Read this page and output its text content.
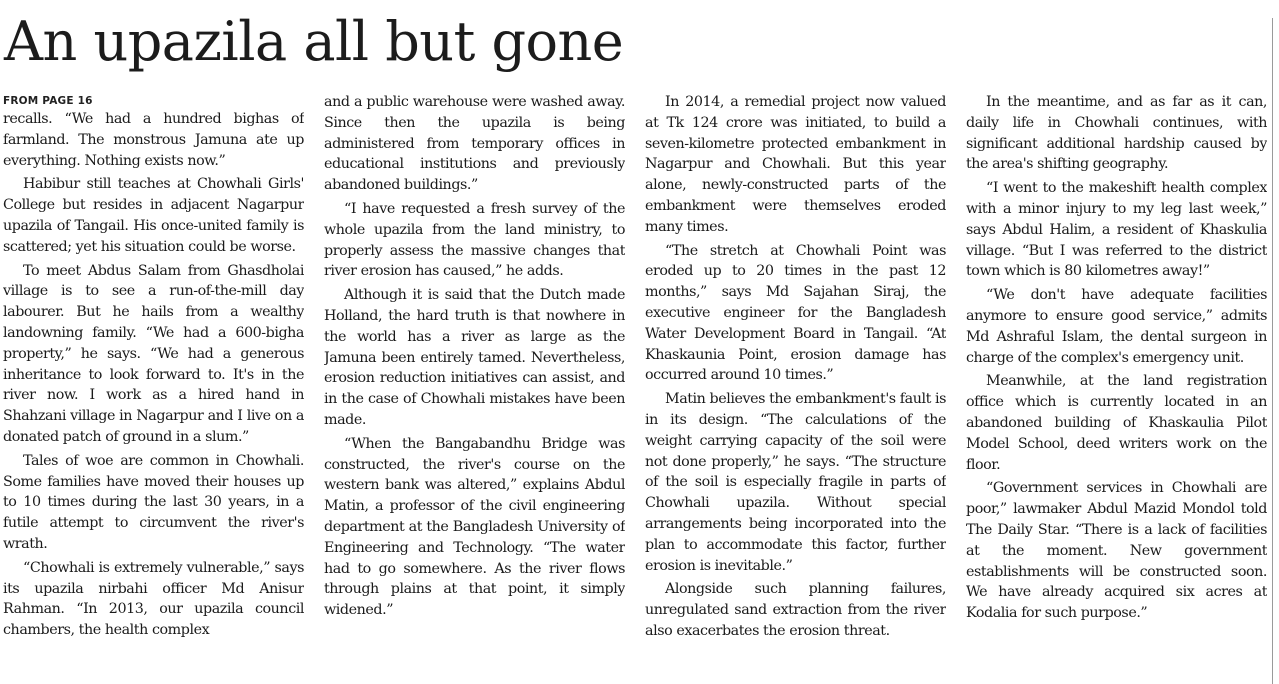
An upazila all but gone
FROM PAGE 16

recalls. “We had a hundred bighas of farmland. The monstrous Jamuna ate up everything. Nothing exists now.”

Habibur still teaches at Chowhali Girls' College but resides in adjacent Nagarpur upazila of Tangail. His once-united family is scattered; yet his situation could be worse.

To meet Abdus Salam from Ghasdholai village is to see a run-of-the-mill day labourer. But he hails from a wealthy landowning family. “We had a 600-bigha property,” he says. “We had a generous inheritance to look forward to. It's in the river now. I work as a hired hand in Shahzani village in Nagarpur and I live on a donated patch of ground in a slum.”

Tales of woe are common in Chowhali. Some families have moved their houses up to 10 times during the last 30 years, in a futile attempt to circumvent the river's wrath.

“Chowhali is extremely vulnerable,” says its upazila nirbahi officer Md Anisur Rahman. “In 2013, our upazila council chambers, the health complex

and a public warehouse were washed away. Since then the upazila is being administered from temporary offices in educational institutions and previously abandoned buildings.”

“I have requested a fresh survey of the whole upazila from the land ministry, to properly assess the massive changes that river erosion has caused,” he adds.

Although it is said that the Dutch made Holland, the hard truth is that nowhere in the world has a river as large as the Jamuna been entirely tamed. Nevertheless, erosion reduction initiatives can assist, and in the case of Chowhali mistakes have been made.

“When the Bangabandhu Bridge was constructed, the river's course on the western bank was altered,” explains Abdul Matin, a professor of the civil engineering department at the Bangladesh University of Engineering and Technology. “The water had to go somewhere. As the river flows through plains at that point, it simply widened.”

In 2014, a remedial project now valued at Tk 124 crore was initiated, to build a seven-kilometre protected embankment in Nagarpur and Chowhali. But this year alone, newly-constructed parts of the embankment were themselves eroded many times.

“The stretch at Chowhali Point was eroded up to 20 times in the past 12 months,” says Md Sajahan Siraj, the executive engineer for the Bangladesh Water Development Board in Tangail. “At Khaskaunia Point, erosion damage has occurred around 10 times.”

Matin believes the embankment's fault is in its design. “The calculations of the weight carrying capacity of the soil were not done properly,” he says. “The structure of the soil is especially fragile in parts of Chowhali upazila. Without special arrangements being incorporated into the plan to accommodate this factor, further erosion is inevitable.”

Alongside such planning failures, unregulated sand extraction from the river also exacerbates the erosion threat.

In the meantime, and as far as it can, daily life in Chowhali continues, with significant additional hardship caused by the area's shifting geography.

“I went to the makeshift health complex with a minor injury to my leg last week,” says Abdul Halim, a resident of Khaskulia village. “But I was referred to the district town which is 80 kilometres away!”

“We don't have adequate facilities anymore to ensure good service,” admits Md Ashraful Islam, the dental surgeon in charge of the complex's emergency unit.

Meanwhile, at the land registration office which is currently located in an abandoned building of Khaskaulia Pilot Model School, deed writers work on the floor.

“Government services in Chowhali are poor,” lawmaker Abdul Mazid Mondol told The Daily Star. “There is a lack of facilities at the moment. New government establishments will be constructed soon. We have already acquired six acres at Kodalia for such purpose.”
